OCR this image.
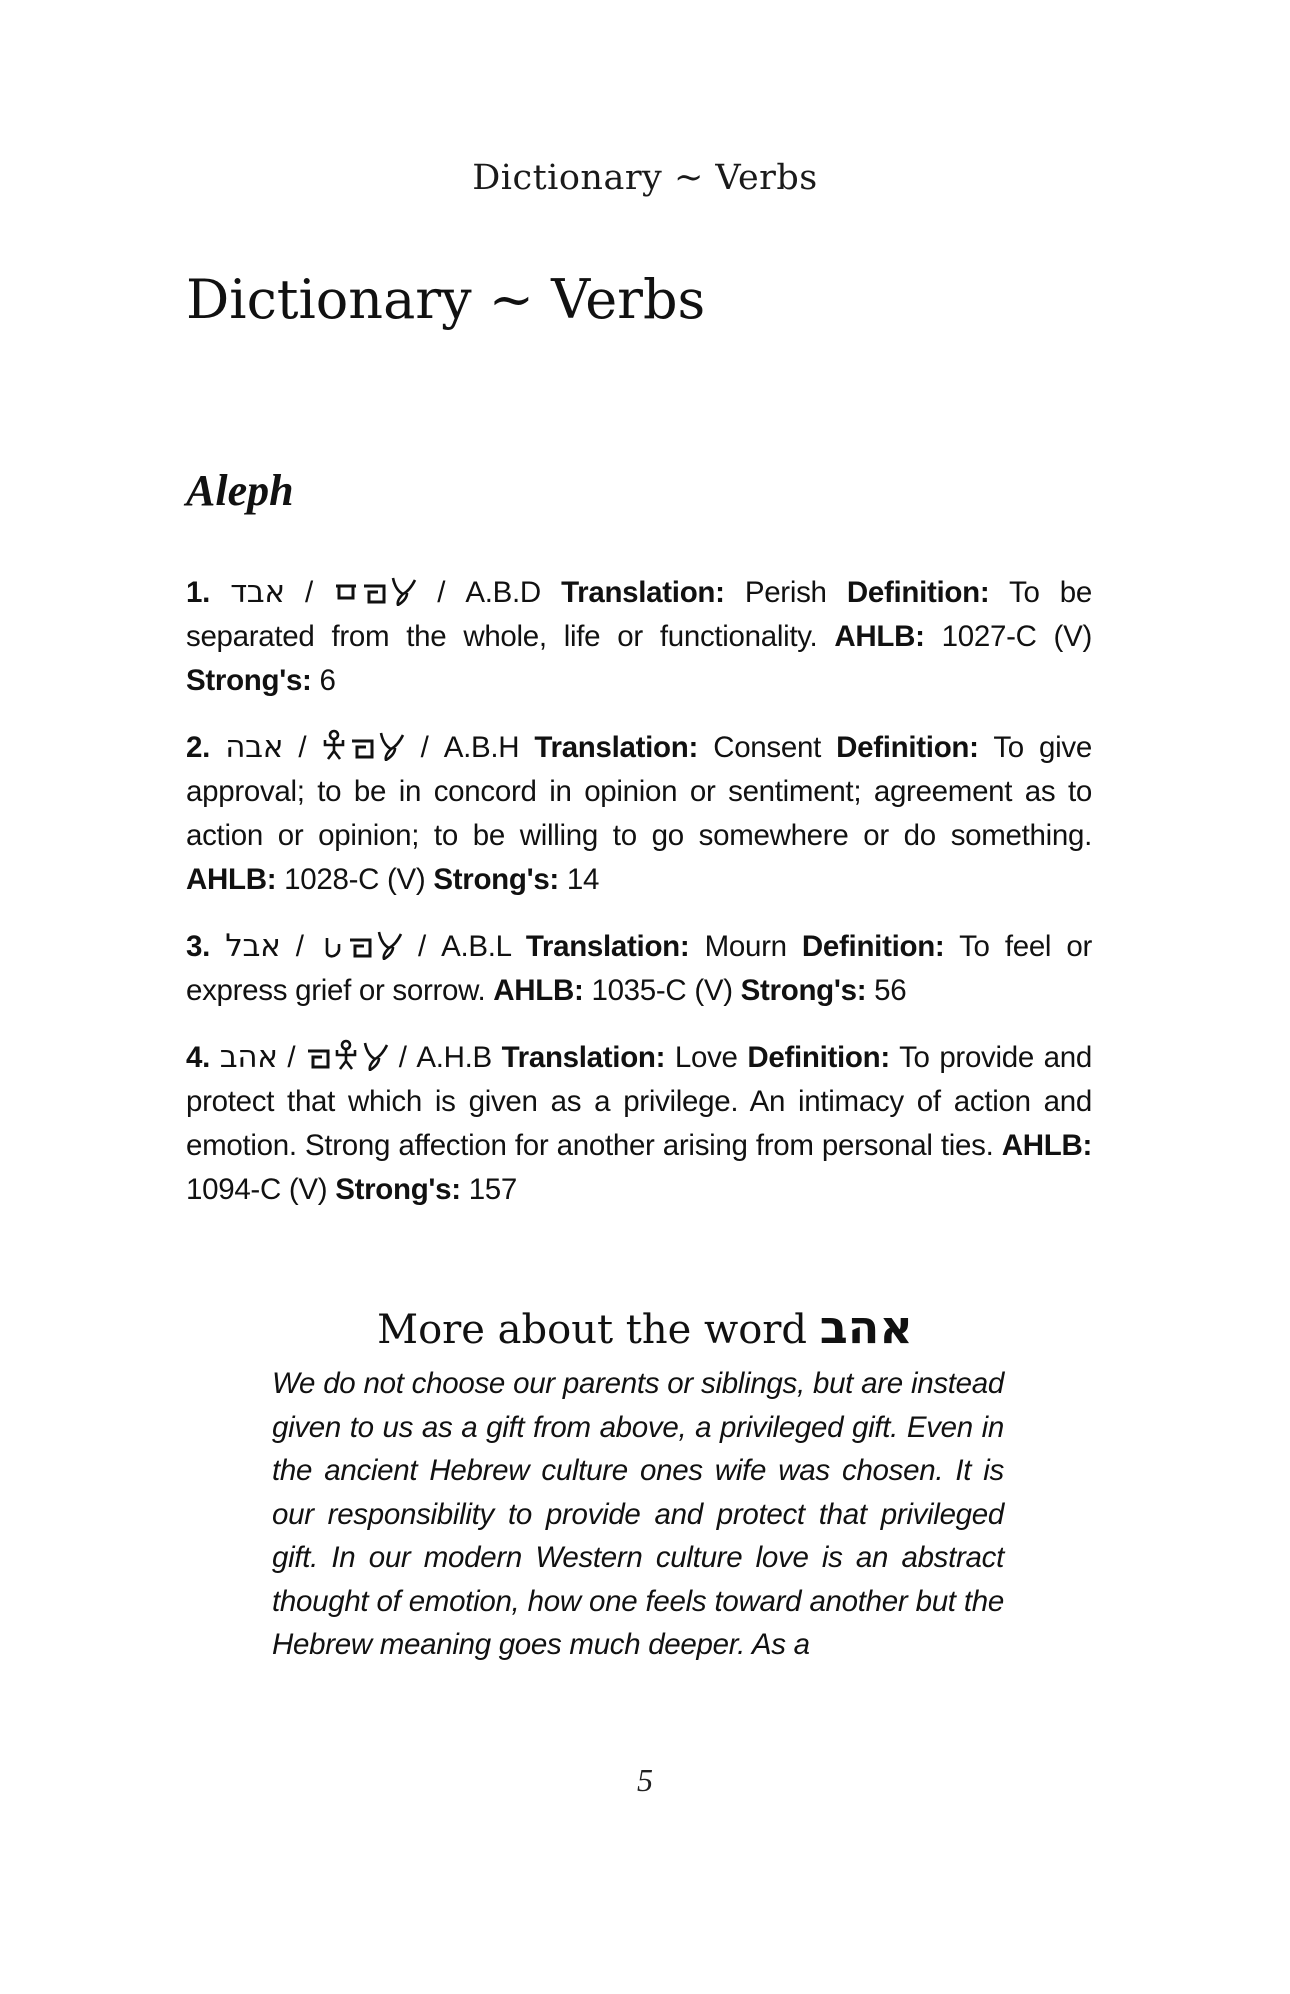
Dictionary ~ Verbs
Dictionary ~ Verbs
Aleph

1. אבד /	/ A.B.D Translation: Perish Definition: To be separated from the whole, life or functionality. AHLB: 1027-C (V) Strong's: 6

2. אבה /	/ A.B.H Translation: Consent Definition: To give approval; to be in concord in opinion or sentiment; agreement as to action or opinion; to be willing to go somewhere or do something. AHLB: 1028-C (V) Strong's: 14

3. אבל /	/ A.B.L Translation: Mourn Definition: To feel or express grief or sorrow. AHLB: 1035-C (V) Strong's: 56

4. אהב /	/ A.H.B Translation: Love Definition: To provide and protect that which is given as a privilege. An intimacy of action and emotion. Strong affection for another arising from personal ties. AHLB: 1094-C (V) Strong's: 157

More about the word אהב

We do not choose our parents or siblings, but are instead given to us as a gift from above, a privileged gift. Even in the ancient Hebrew culture ones wife was chosen. It is our responsibility to provide and protect that privileged gift. In our modern Western culture love is an abstract thought of emotion, how one feels toward another but the Hebrew meaning goes much deeper. As a

5
